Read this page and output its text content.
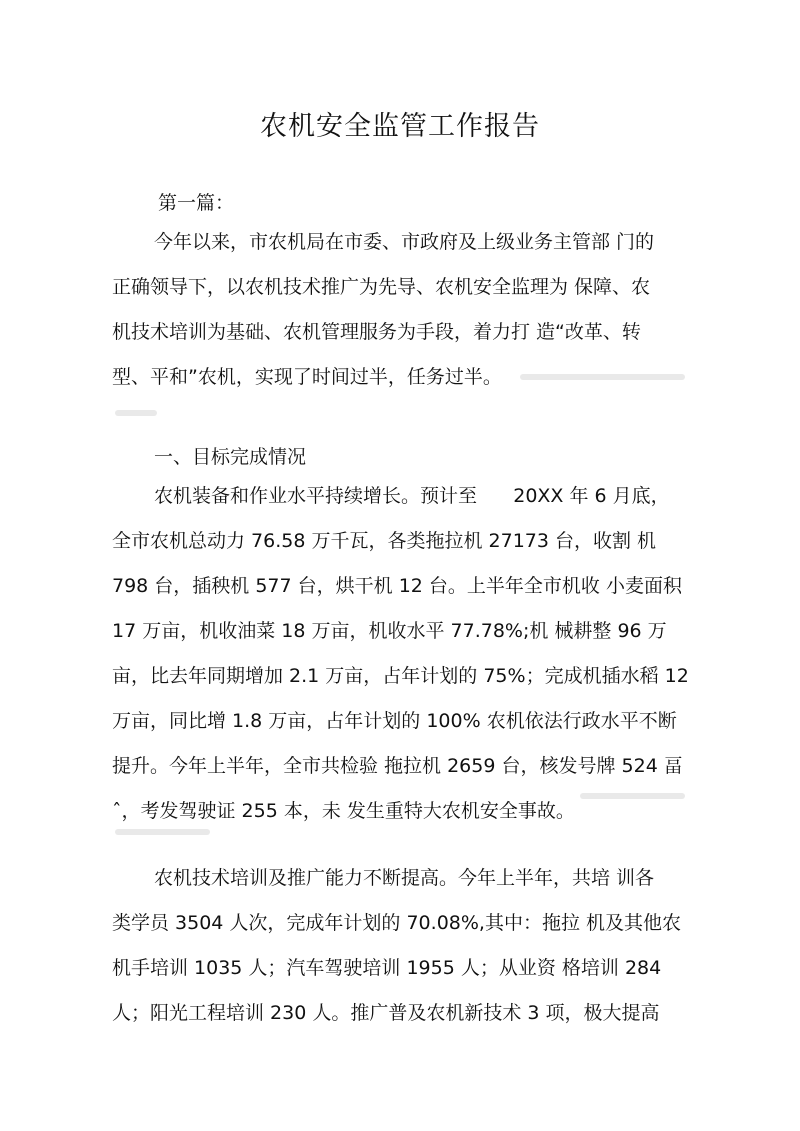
农机安全监管工作报告
第一篇：
今年以来，市农机局在市委、市政府及上级业务主管部 门的
正确领导下，以农机技术推广为先导、农机安全监理为 保障、农
机技术培训为基础、农机管理服务为手段，着力打 造“改革、转
型、平和”农机，实现了时间过半，任务过半。
一、目标完成情况
农机装备和作业水平持续增长。预计至      20XX 年 6 月底，
全市农机总动力 76.58 万千瓦，各类拖拉机 27173 台，收割 机
798 台，插秧机 577 台，烘干机 12 台。上半年全市机收 小麦面积
17 万亩，机收油菜 18 万亩，机收水平 77.78%;机 械耕整 96 万
亩，比去年同期增加 2.1 万亩，占年计划的 75%；完成机插水稻 12
万亩，同比增 1.8 万亩，占年计划的 100% 农机依法行政水平不断
提升。今年上半年，全市共检验 拖拉机 2659 台，核发号牌 524 畐
ˆ，考发驾驶证 255 本，未 发生重特大农机安全事故。
农机技术培训及推广能力不断提高。今年上半年，共培 训各
类学员 3504 人次，完成年计划的 70.08%,其中：拖拉 机及其他农
机手培训 1035 人；汽车驾驶培训 1955 人；从业资 格培训 284
人；阳光工程培训 230 人。推广普及农机新技术 3 项，极大提高
